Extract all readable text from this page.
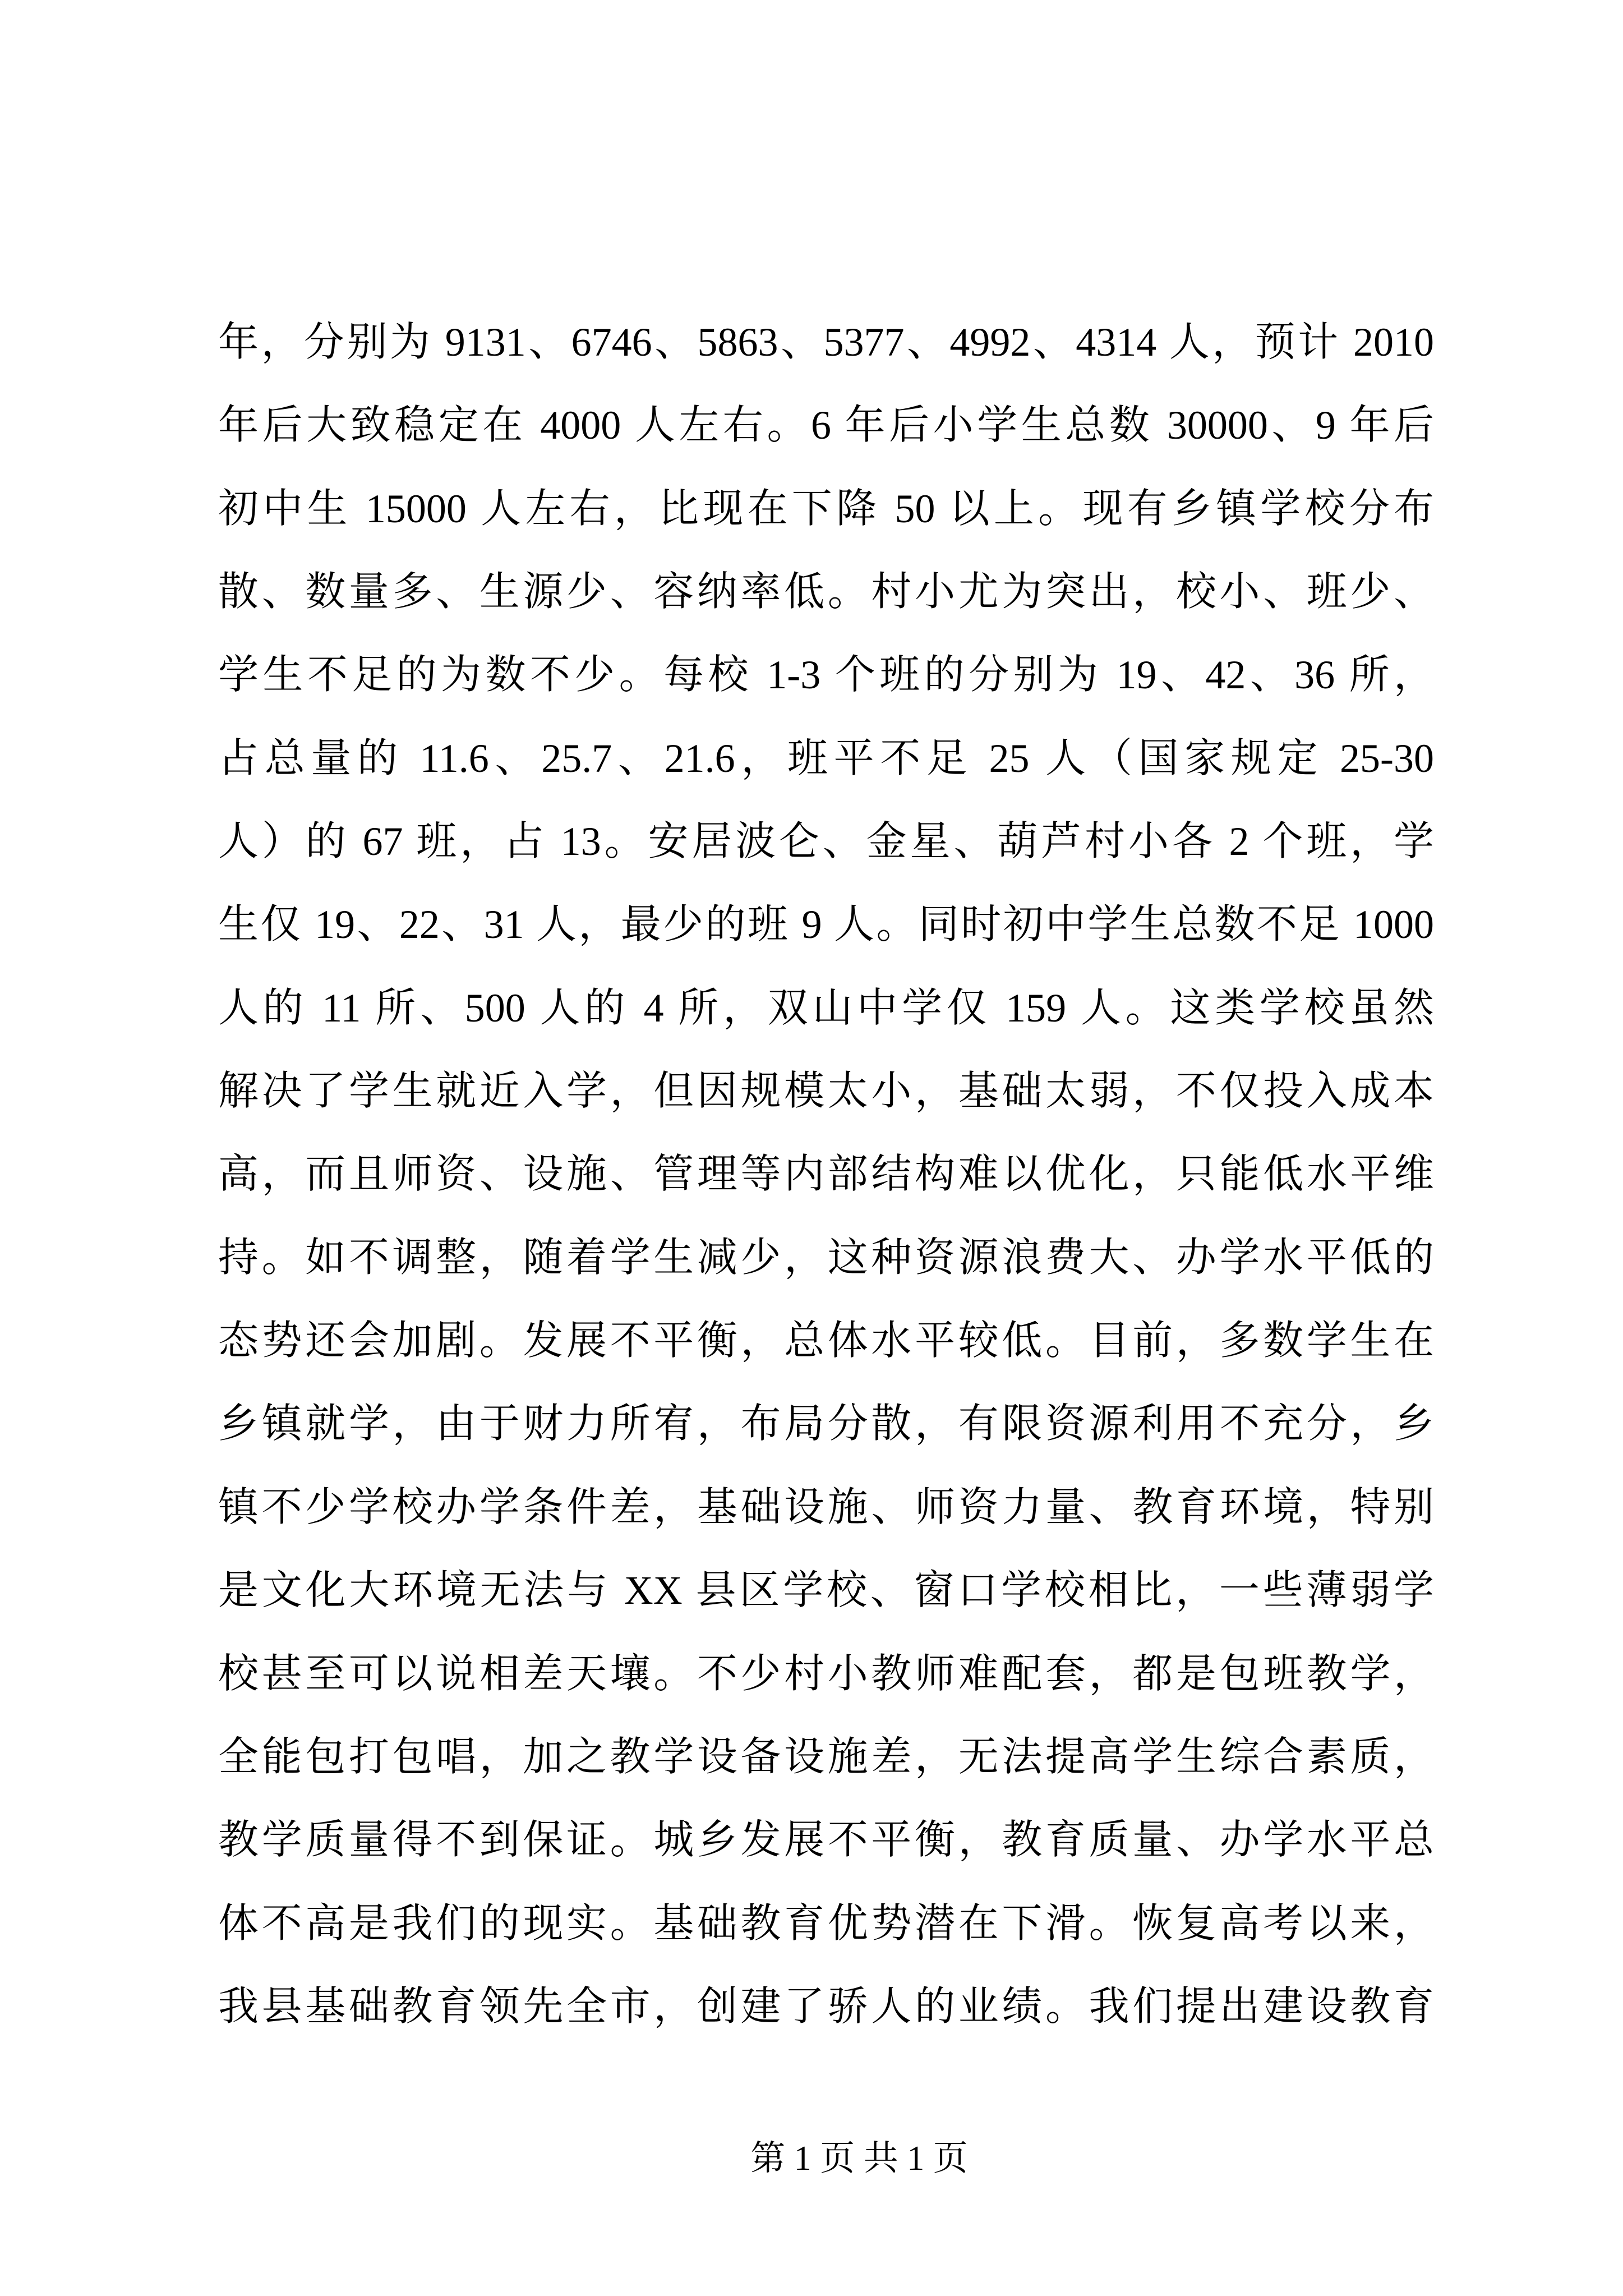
年，分别为 9131、6746、5863、5377、4992、4314 人，预计 2010
年后大致稳定在 4000 人左右。6 年后小学生总数 30000、9 年后
初中生 15000 人左右，比现在下降 50 以上。现有乡镇学校分布
散、数量多、生源少、容纳率低。村小尤为突出，校小、班少、
学生不足的为数不少。每校 1-3 个班的分别为 19、42、36 所，
占总量的 11.6、25.7、21.6，班平不足 25 人（国家规定 25-30
人）的 67 班，占 13。安居波仑、金星、葫芦村小各 2 个班，学
生仅 19、22、31 人，最少的班 9 人。同时初中学生总数不足 1000
人的 11 所、500 人的 4 所，双山中学仅 159 人。这类学校虽然
解决了学生就近入学，但因规模太小，基础太弱，不仅投入成本
高，而且师资、设施、管理等内部结构难以优化，只能低水平维
持。如不调整，随着学生减少，这种资源浪费大、办学水平低的
态势还会加剧。发展不平衡，总体水平较低。目前，多数学生在
乡镇就学，由于财力所宥，布局分散，有限资源利用不充分，乡
镇不少学校办学条件差，基础设施、师资力量、教育环境，特别
是文化大环境无法与 XX 县区学校、窗口学校相比，一些薄弱学
校甚至可以说相差天壤。不少村小教师难配套，都是包班教学，
全能包打包唱，加之教学设备设施差，无法提高学生综合素质，
教学质量得不到保证。城乡发展不平衡，教育质量、办学水平总
体不高是我们的现实。基础教育优势潜在下滑。恢复高考以来，
我县基础教育领先全市，创建了骄人的业绩。我们提出建设教育
第 1 页 共 1 页
